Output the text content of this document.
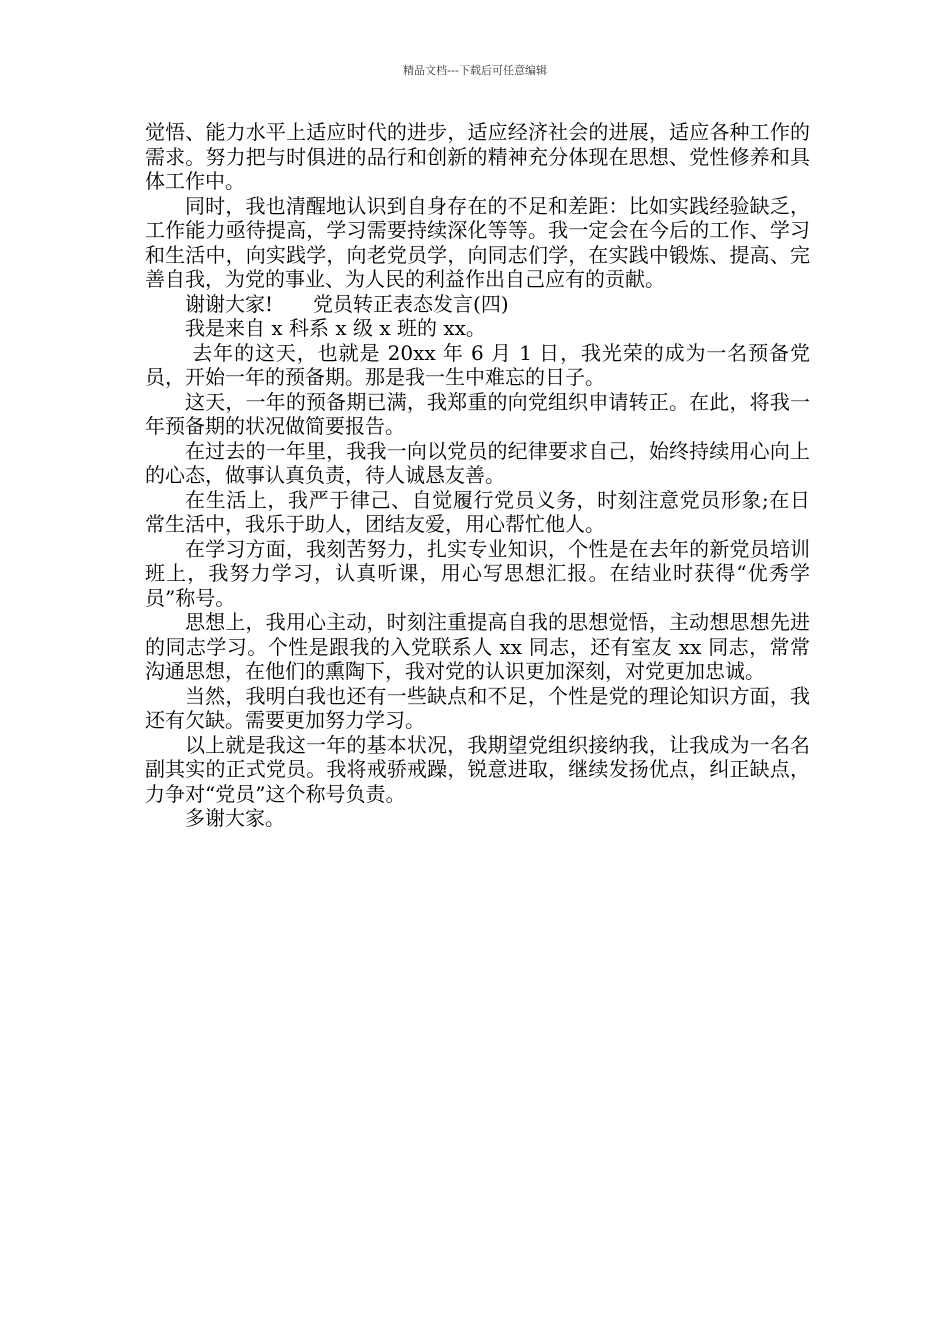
精品文档---下载后可任意编辑

觉悟、能力水平上适应时代的进步，适应经济社会的进展，适应各种工作的需求。努力把与时俱进的品行和创新的精神充分体现在思想、党性修养和具体工作中。

同时，我也清醒地认识到自身存在的不足和差距：比如实践经验缺乏，工作能力亟待提高，学习需要持续深化等等。我一定会在今后的工作、学习和生活中，向实践学，向老党员学，向同志们学，在实践中锻炼、提高、完善自我，为党的事业、为人民的利益作出自己应有的贡献。

谢谢大家!　　党员转正表态发言(四)

我是来自 x 科系 x 级 x 班的 xx。

去年的这天，也就是 20xx 年 6 月 1 日，我光荣的成为一名预备党员，开始一年的预备期。那是我一生中难忘的日子。

这天，一年的预备期已满，我郑重的向党组织申请转正。在此，将我一年预备期的状况做简要报告。

在过去的一年里，我我一向以党员的纪律要求自己，始终持续用心向上的心态，做事认真负责，待人诚恳友善。

在生活上，我严于律己、自觉履行党员义务，时刻注意党员形象;在日常生活中，我乐于助人，团结友爱，用心帮忙他人。

在学习方面，我刻苦努力，扎实专业知识，个性是在去年的新党员培训班上，我努力学习，认真听课，用心写思想汇报。在结业时获得“优秀学员”称号。

思想上，我用心主动，时刻注重提高自我的思想觉悟，主动想思想先进的同志学习。个性是跟我的入党联系人 xx 同志，还有室友 xx 同志，常常沟通思想，在他们的熏陶下，我对党的认识更加深刻，对党更加忠诚。

当然，我明白我也还有一些缺点和不足，个性是党的理论知识方面，我还有欠缺。需要更加努力学习。

以上就是我这一年的基本状况，我期望党组织接纳我，让我成为一名名副其实的正式党员。我将戒骄戒躁，锐意进取，继续发扬优点，纠正缺点，力争对“党员”这个称号负责。

多谢大家。
